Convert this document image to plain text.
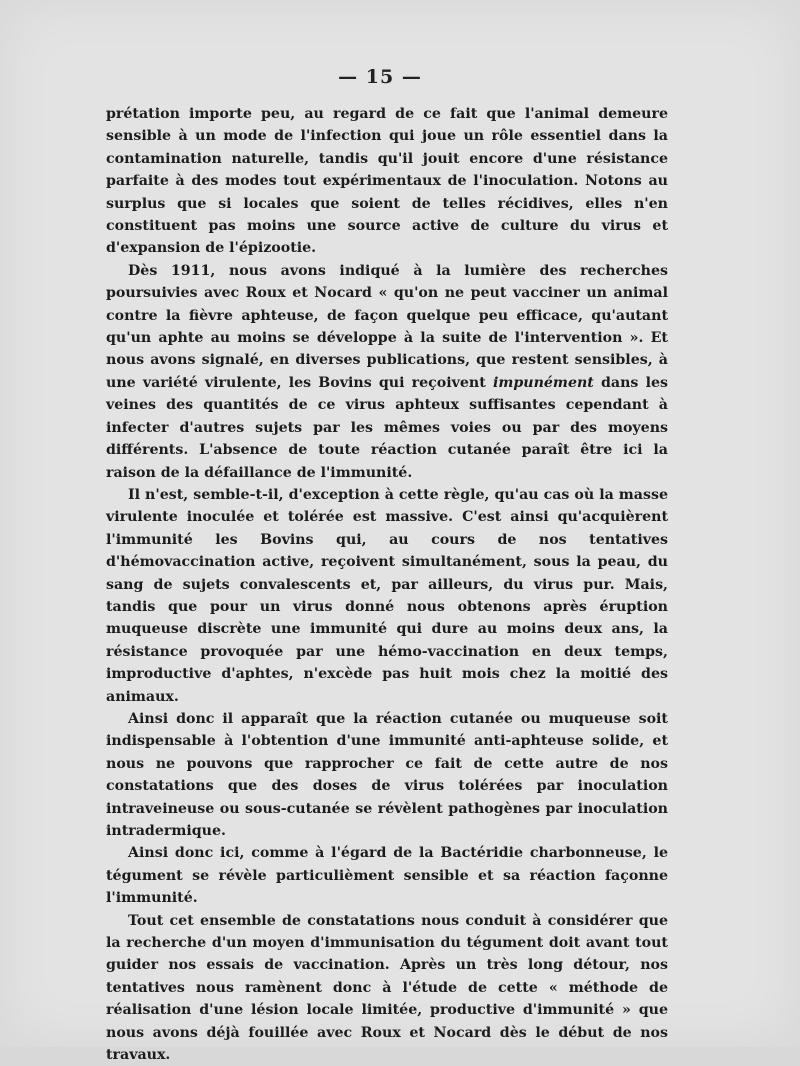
— 15 —

prétation importe peu, au regard de ce fait que l'animal demeure sensible à un mode de l'infection qui joue un rôle essentiel dans la contamination naturelle, tandis qu'il jouit encore d'une résistance parfaite à des modes tout expérimentaux de l'inoculation. Notons au surplus que si locales que soient de telles récidives, elles n'en constituent pas moins une source active de culture du virus et d'expansion de l'épizootie.

Dès 1911, nous avons indiqué à la lumière des recherches poursuivies avec Roux et Nocard « qu'on ne peut vacciner un animal contre la fièvre aphteuse, de façon quelque peu efficace, qu'autant qu'un aphte au moins se développe à la suite de l'intervention ». Et nous avons signalé, en diverses publications, que restent sensibles, à une variété virulente, les Bovins qui reçoivent impunément dans les veines des quantités de ce virus aphteux suffisantes cependant à infecter d'autres sujets par les mêmes voies ou par des moyens différents. L'absence de toute réaction cutanée paraît être ici la raison de la défaillance de l'immunité.

Il n'est, semble-t-il, d'exception à cette règle, qu'au cas où la masse virulente inoculée et tolérée est massive. C'est ainsi qu'acquièrent l'immunité les Bovins qui, au cours de nos tentatives d'hémovaccination active, reçoivent simultanément, sous la peau, du sang de sujets convalescents et, par ailleurs, du virus pur. Mais, tandis que pour un virus donné nous obtenons après éruption muqueuse discrète une immunité qui dure au moins deux ans, la résistance provoquée par une hémo-vaccination en deux temps, improductive d'aphtes, n'excède pas huit mois chez la moitié des animaux.

Ainsi donc il apparaît que la réaction cutanée ou muqueuse soit indispensable à l'obtention d'une immunité anti-aphteuse solide, et nous ne pouvons que rapprocher ce fait de cette autre de nos constatations que des doses de virus tolérées par inoculation intraveineuse ou sous-cutanée se révèlent pathogènes par inoculation intradermique.

Ainsi donc ici, comme à l'égard de la Bactéridie charbonneuse, le tégument se révèle particulièment sensible et sa réaction façonne l'immunité.

Tout cet ensemble de constatations nous conduit à considérer que la recherche d'un moyen d'immunisation du tégument doit avant tout guider nos essais de vaccination. Après un très long détour, nos tentatives nous ramènent donc à l'étude de cette « méthode de réalisation d'une lésion locale limitée, productive d'immunité » que nous avons déjà fouillée avec Roux et Nocard dès le début de nos travaux.
